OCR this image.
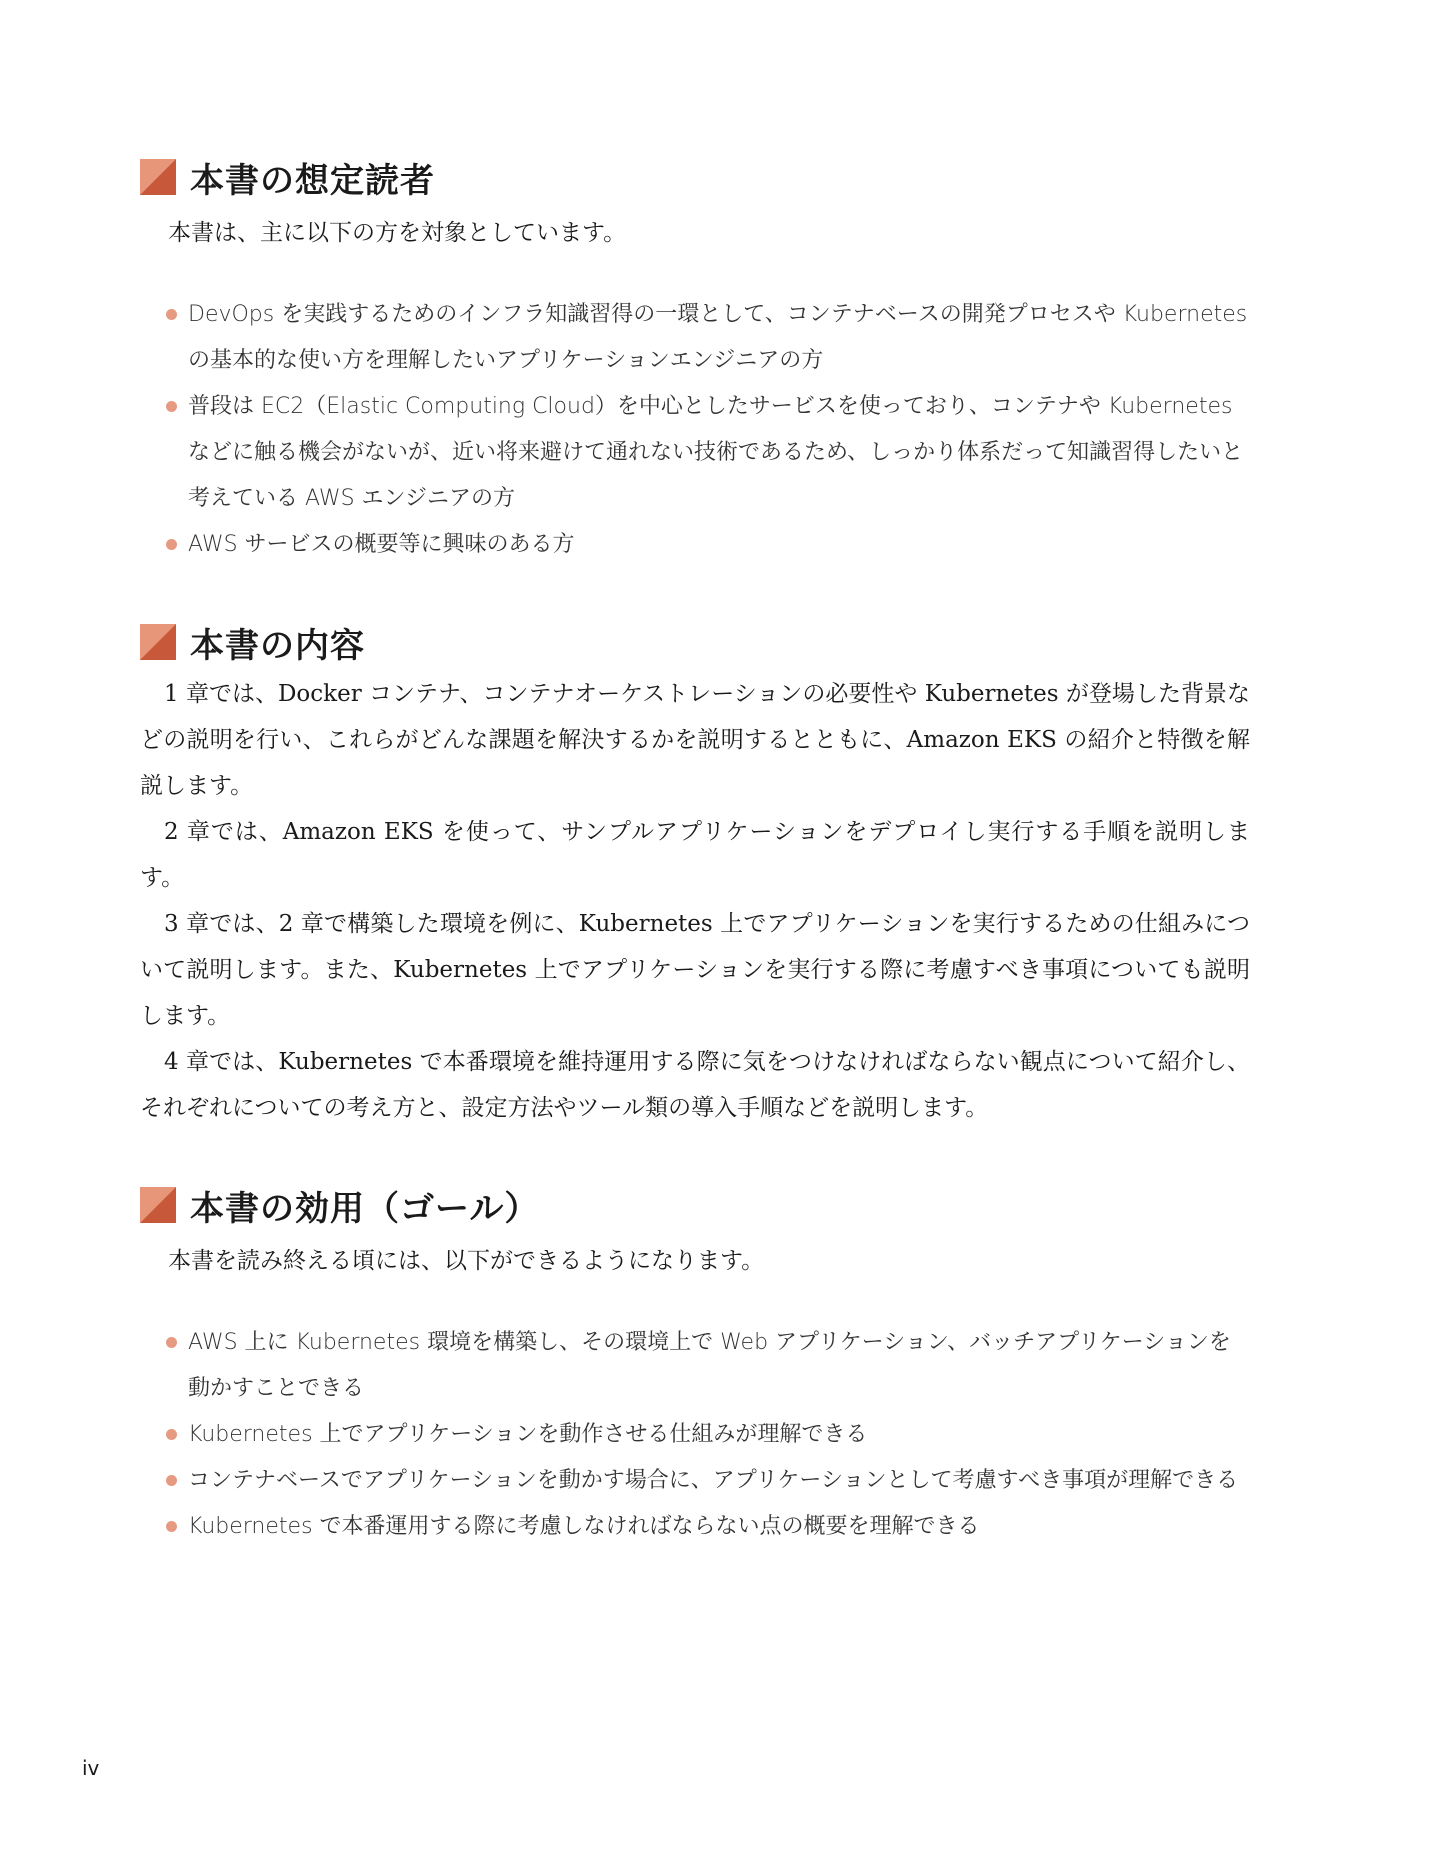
本書の想定読者
本書は、主に以下の方を対象としています。
DevOps を実践するためのインフラ知識習得の一環として、コンテナベースの開発プロセスや Kubernetes の基本的な使い方を理解したいアプリケーションエンジニアの方
普段は EC2（Elastic Computing Cloud）を中心としたサービスを使っており、コンテナや Kubernetes などに触る機会がないが、近い将来避けて通れない技術であるため、しっかり体系だって知識習得したいと考えている AWS エンジニアの方
AWS サービスの概要等に興味のある方
本書の内容

1 章では、Docker コンテナ、コンテナオーケストレーションの必要性や Kubernetes が登場した背景などの説明を行い、これらがどんな課題を解決するかを説明するとともに、Amazon EKS の紹介と特徴を解説します。

2 章では、Amazon EKS を使って、サンプルアプリケーションをデプロイし実行する手順を説明します。

3 章では、2 章で構築した環境を例に、Kubernetes 上でアプリケーションを実行するための仕組みについて説明します。また、Kubernetes 上でアプリケーションを実行する際に考慮すべき事項についても説明します。

4 章では、Kubernetes で本番環境を維持運用する際に気をつけなければならない観点について紹介し、それぞれについての考え方と、設定方法やツール類の導入手順などを説明します。

本書の効用（ゴール）
本書を読み終える頃には、以下ができるようになります。
AWS 上に Kubernetes 環境を構築し、その環境上で Web アプリケーション、バッチアプリケーションを動かすことできる
Kubernetes 上でアプリケーションを動作させる仕組みが理解できる
コンテナベースでアプリケーションを動かす場合に、アプリケーションとして考慮すべき事項が理解できる
Kubernetes で本番運用する際に考慮しなければならない点の概要を理解できる
iv
